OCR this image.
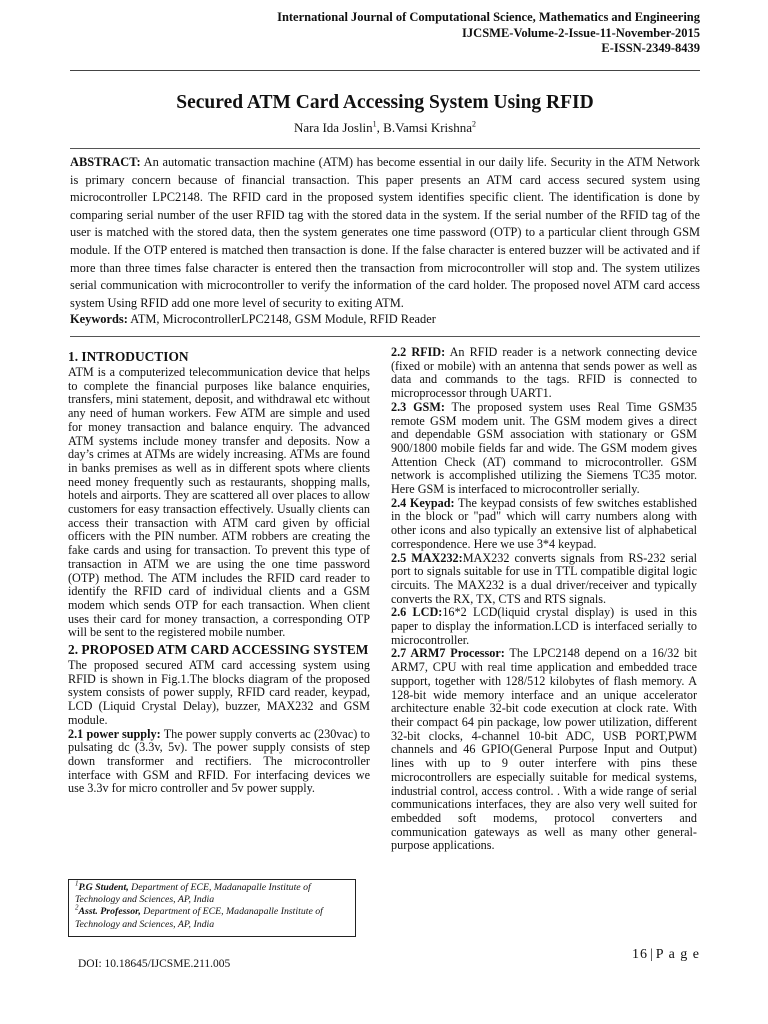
International Journal of Computational Science, Mathematics and Engineering
IJCSME-Volume-2-Issue-11-November-2015
E-ISSN-2349-8439
Secured ATM Card Accessing System Using RFID
Nara Ida Joslin$^1$, B.Vamsi Krishna$^2$
ABSTRACT: An automatic transaction machine (ATM) has become essential in our daily life. Security in the ATM Network is primary concern because of financial transaction. This paper presents an ATM card access secured system using microcontroller LPC2148. The RFID card in the proposed system identifies specific client. The identification is done by comparing serial number of the user RFID tag with the stored data in the system. If the serial number of the RFID tag of the user is matched with the stored data, then the system generates one time password (OTP) to a particular client through GSM module. If the OTP entered is matched then transaction is done. If the false character is entered buzzer will be activated and if more than three times false character is entered then the transaction from microcontroller will stop and. The system utilizes serial communication with microcontroller to verify the information of the card holder. The proposed novel ATM card access system Using RFID add one more level of security to exiting ATM.
Keywords: ATM, MicrocontrollerLPC2148, GSM Module, RFID Reader
1. INTRODUCTION

ATM is a computerized telecommunication device that helps to complete the financial purposes like balance enquiries, transfers, mini statement, deposit, and withdrawal etc without any need of human workers. Few ATM are simple and used for money transaction and balance enquiry. The advanced ATM systems include money transfer and deposits. Now a day’s crimes at ATMs are widely increasing. ATMs are found in banks premises as well as in different spots where clients need money frequently such as restaurants, shopping malls, hotels and airports. They are scattered all over places to allow customers for easy transaction effectively. Usually clients can access their transaction with ATM card given by official officers with the PIN number. ATM robbers are creating the fake cards and using for transaction. To prevent this type of transaction in ATM we are using the one time password (OTP) method. The ATM includes the RFID card reader to identify the RFID card of individual clients and a GSM modem which sends OTP for each transaction. When client uses their card for money transaction, a corresponding OTP will be sent to the registered mobile number.

2. PROPOSED ATM CARD ACCESSING SYSTEM

The proposed secured ATM card accessing system using RFID is shown in Fig.1.The blocks diagram of the proposed system consists of power supply, RFID card reader, keypad, LCD (Liquid Crystal Delay), buzzer, MAX232 and GSM module.

2.1 power supply: The power supply converts ac (230vac) to pulsating dc (3.3v, 5v). The power supply consists of step down transformer and rectifiers. The microcontroller interface with GSM and RFID. For interfacing devices we use 3.3v for micro controller and 5v power supply.

2.2 RFID: An RFID reader is a network connecting device (fixed or mobile) with an antenna that sends power as well as data and commands to the tags. RFID is connected to microprocessor through UART1.

2.3 GSM: The proposed system uses Real Time GSM35 remote GSM modem unit. The GSM modem gives a direct and dependable GSM association with stationary or GSM 900/1800 mobile fields far and wide. The GSM modem gives Attention Check (AT) command to microcontroller. GSM network is accomplished utilizing the Siemens TC35 motor. Here GSM is interfaced to microcontroller serially.

2.4 Keypad: The keypad consists of few switches established in the block or "pad" which will carry numbers along with other icons and also typically an extensive list of alphabetical correspondence. Here we use 3*4 keypad.

2.5 MAX232:MAX232 converts signals from RS-232 serial port to signals suitable for use in TTL compatible digital logic circuits. The MAX232 is a dual driver/receiver and typically converts the RX, TX, CTS and RTS signals.

2.6 LCD:16*2 LCD(liquid crystal display) is used in this paper to display the information.LCD is interfaced serially to microcontroller.

2.7 ARM7 Processor: The LPC2148 depend on a 16/32 bit ARM7, CPU with real time application and embedded trace support, together with 128/512 kilobytes of flash memory. A 128-bit wide memory interface and an unique accelerator architecture enable 32-bit code execution at clock rate. With their compact 64 pin package, low power utilization, different 32-bit clocks, 4-channel 10-bit ADC, USB PORT,PWM channels and 46 GPIO(General Purpose Input and Output) lines with up to 9 outer interfere with pins these microcontrollers are especially suitable for medical systems, industrial control, access control. . With a wide range of serial communications interfaces, they are also very well suited for embedded soft modems, protocol converters and communication gateways as well as many other general-purpose applications.

$^1$P.G Student, Department of ECE, Madanapalle Institute of Technology and Sciences, AP, India
$^2$Asst. Professor, Department of ECE, Madanapalle Institute of Technology and Sciences, AP, India
DOI: 10.18645/IJCSME.211.005
16 | P a g e
